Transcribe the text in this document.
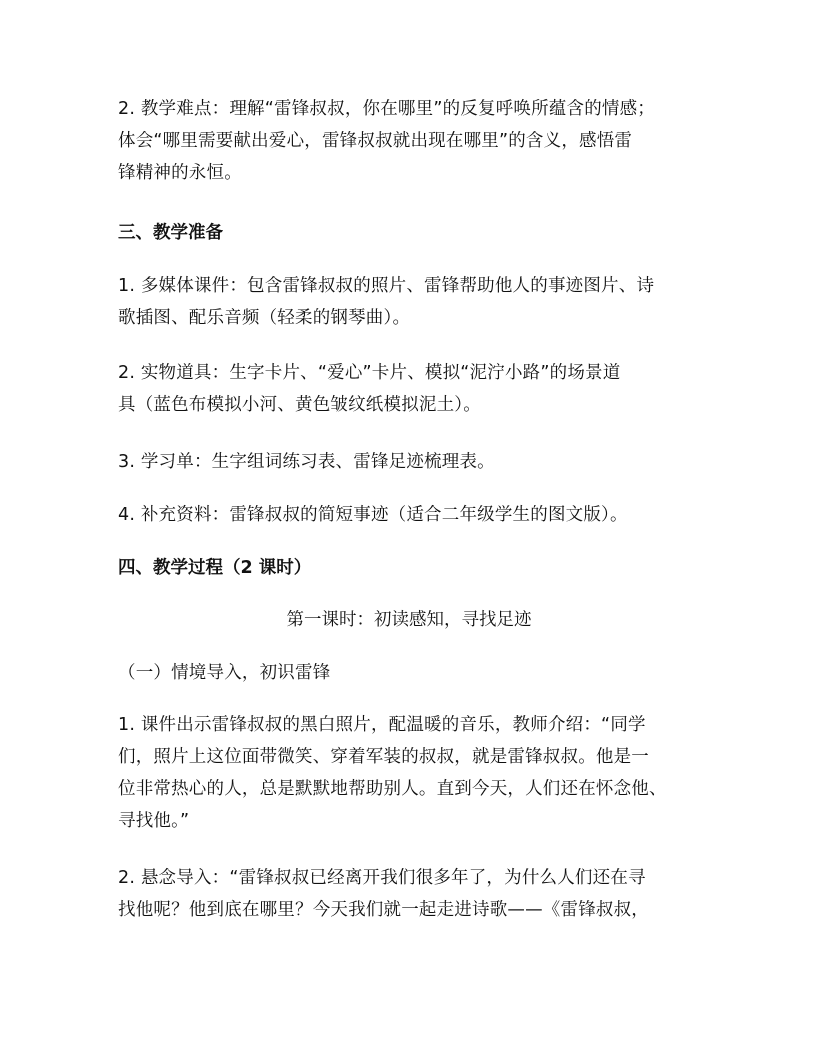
2. 教学难点：理解“雷锋叔叔，你在哪里”的反复呼唤所蕴含的情感；
体会“哪里需要献出爱心，雷锋叔叔就出现在哪里”的含义，感悟雷
锋精神的永恒。
三、教学准备
1. 多媒体课件：包含雷锋叔叔的照片、雷锋帮助他人的事迹图片、诗
歌插图、配乐音频（轻柔的钢琴曲）。
2. 实物道具：生字卡片、“爱心”卡片、模拟“泥泞小路”的场景道
具（蓝色布模拟小河、黄色皱纹纸模拟泥土）。
3. 学习单：生字组词练习表、雷锋足迹梳理表。
4. 补充资料：雷锋叔叔的简短事迹（适合二年级学生的图文版）。
四、教学过程（2 课时）
第一课时：初读感知，寻找足迹
（一）情境导入，初识雷锋
1. 课件出示雷锋叔叔的黑白照片，配温暖的音乐，教师介绍：“同学
们，照片上这位面带微笑、穿着军装的叔叔，就是雷锋叔叔。他是一
位非常热心的人，总是默默地帮助别人。直到今天，人们还在怀念他、
寻找他。”
2. 悬念导入：“雷锋叔叔已经离开我们很多年了，为什么人们还在寻
找他呢？他到底在哪里？今天我们就一起走进诗歌——《雷锋叔叔，
